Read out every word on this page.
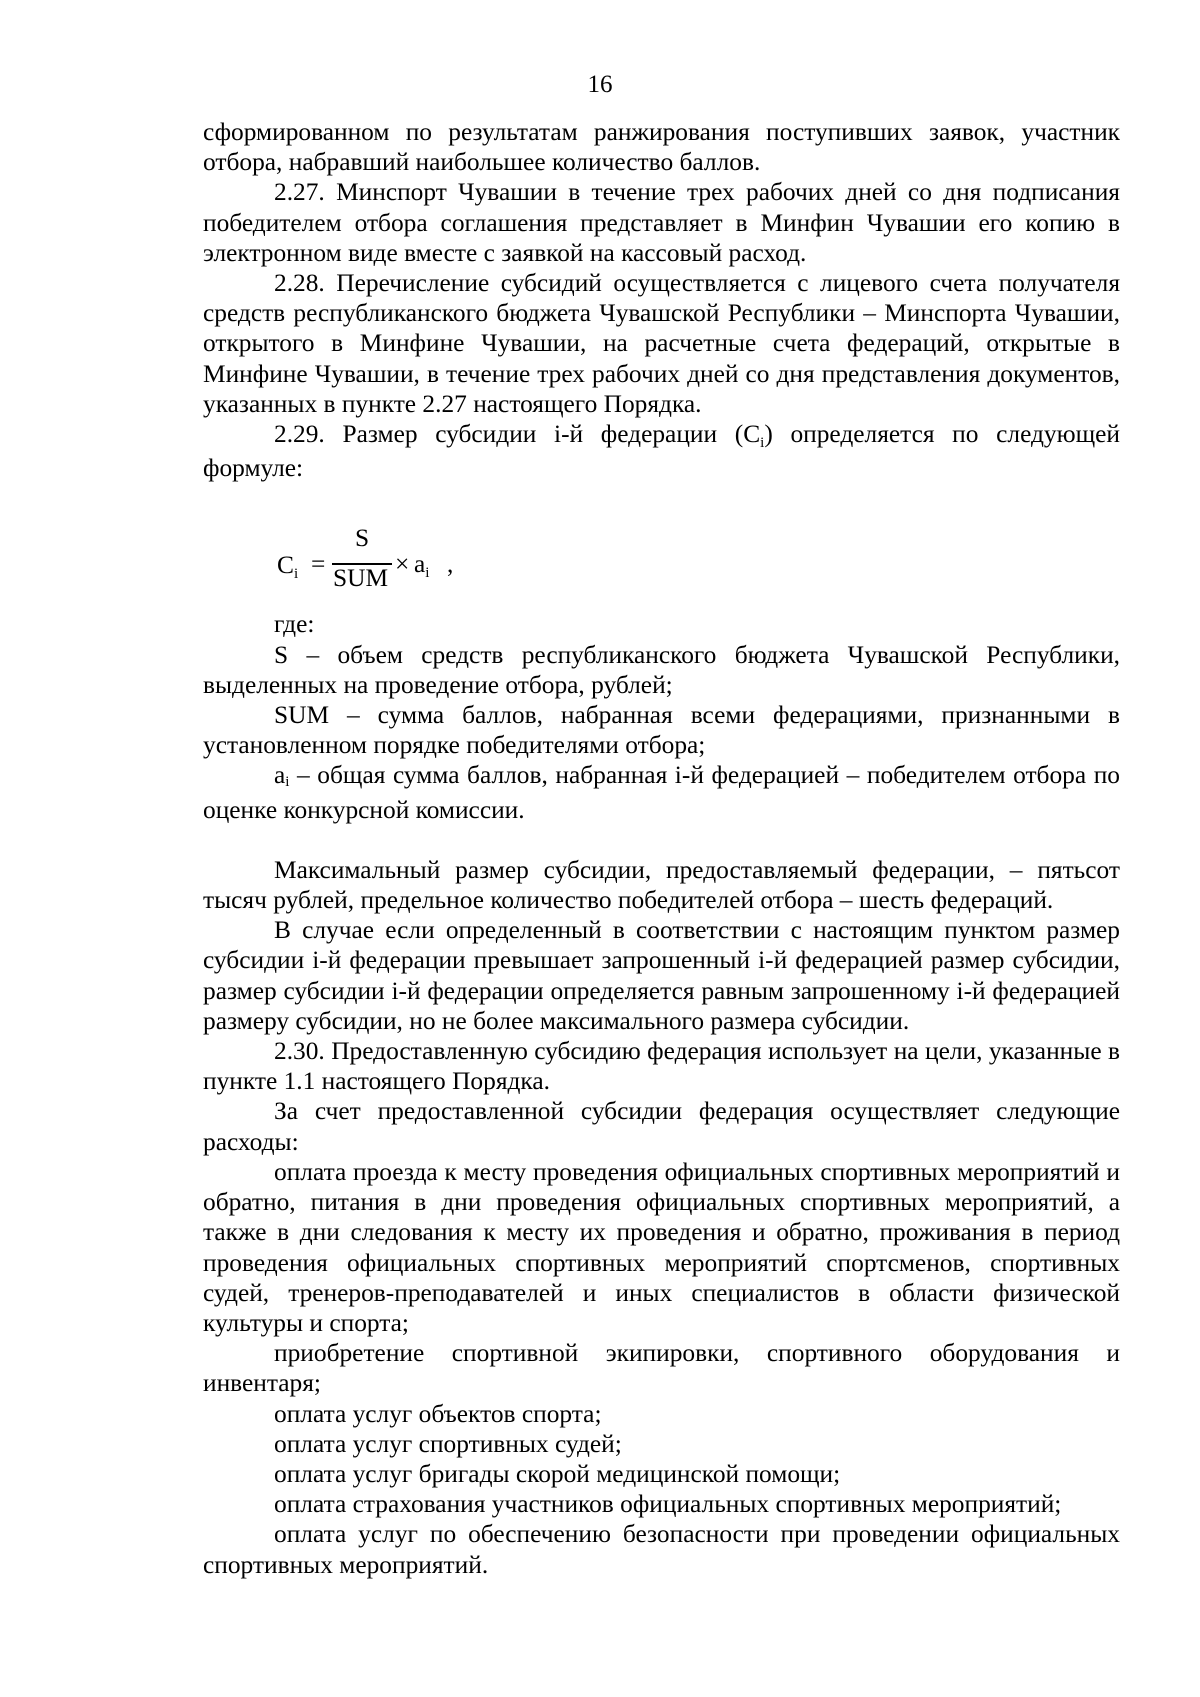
16

сформированном по результатам ранжирования поступивших заявок, участник отбора, набравший наибольшее количество баллов.

2.27. Минспорт Чувашии в течение трех рабочих дней со дня подписания победителем отбора соглашения представляет в Минфин Чувашии его копию в электронном виде вместе с заявкой на кассовый расход.

2.28. Перечисление субсидий осуществляется с лицевого счета получателя средств республиканского бюджета Чувашской Республики – Минспорта Чувашии, открытого в Минфине Чувашии, на расчетные счета федераций, открытые в Минфине Чувашии, в течение трех рабочих дней со дня представления документов, указанных в пункте 2.27 настоящего Порядка.

2.29. Размер субсидии i-й федерации (Ci) определяется по следующей формуле:

Ci =
S
SUM × ai ,

где:

S – объем средств республиканского бюджета Чувашской Республики, выделенных на проведение отбора, рублей;

SUM – сумма баллов, набранная всеми федерациями, признанными в установленном порядке победителями отбора;

ai – общая сумма баллов, набранная i-й федерацией – победителем отбора по оценке конкурсной комиссии.

Максимальный размер субсидии, предоставляемый федерации, – пятьсот тысяч рублей, предельное количество победителей отбора – шесть федераций.

В случае если определенный в соответствии с настоящим пунктом размер субсидии i-й федерации превышает запрошенный i-й федерацией размер субсидии, размер субсидии i-й федерации определяется равным запрошенному i-й федерацией размеру субсидии, но не более максимального размера субсидии.

2.30. Предоставленную субсидию федерация использует на цели, указанные в пункте 1.1 настоящего Порядка.

За счет предоставленной субсидии федерация осуществляет следующие расходы:

оплата проезда к месту проведения официальных спортивных мероприятий и обратно, питания в дни проведения официальных спортивных мероприятий, а также в дни следования к месту их проведения и обратно, проживания в период проведения официальных спортивных мероприятий спортсменов, спортивных судей, тренеров-преподавателей и иных специалистов в области физической культуры и спорта;

приобретение спортивной экипировки, спортивного оборудования и инвентаря;

оплата услуг объектов спорта;

оплата услуг спортивных судей;

оплата услуг бригады скорой медицинской помощи;

оплата страхования участников официальных спортивных мероприятий;

оплата услуг по обеспечению безопасности при проведении официальных спортивных мероприятий.
